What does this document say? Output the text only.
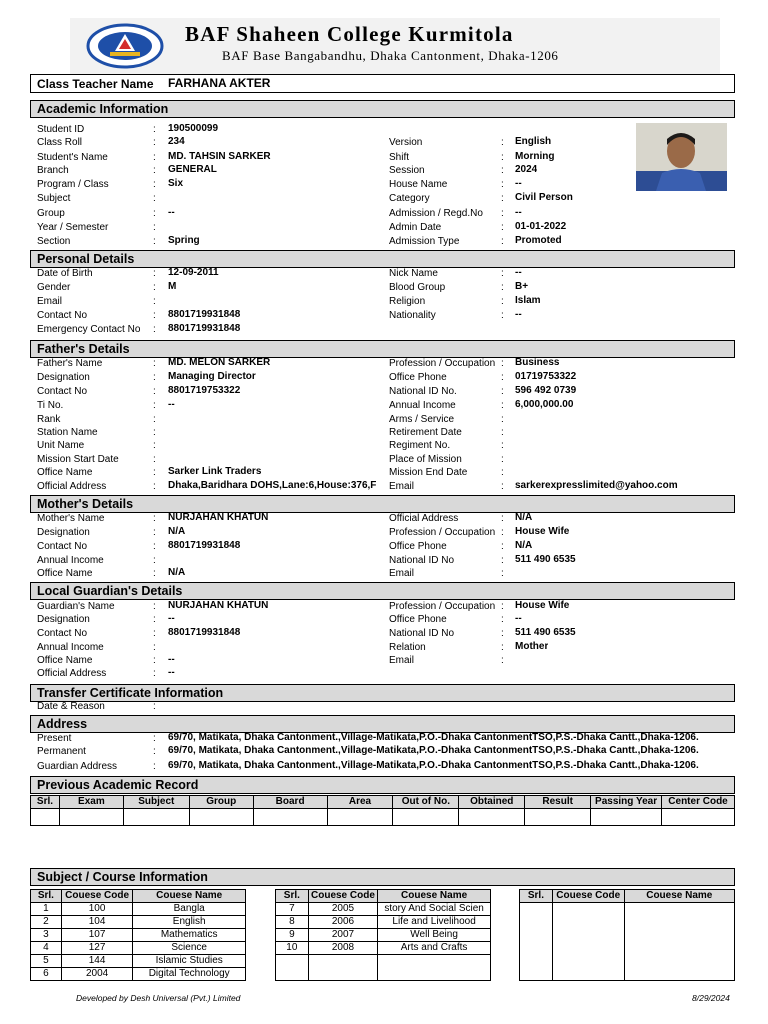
BAF Shaheen College Kurmitola
BAF Base Bangabandhu, Dhaka Cantonment, Dhaka-1206
Class Teacher Name FARHANA AKTER
Academic Information
Personal Details
Father's Details
Mother's Details
Local Guardian's Details
Transfer Certificate Information
Address
Previous Academic Record
Subject / Course Information
Student ID	: 190500099
Class Roll	: 234
Student's Name	: MD. TAHSIN SARKER
Branch	: GENERAL
Program / Class	: Six
Subject	:
Group	: --
Year / Semester	:
Section	: Spring
Version	: English
Shift	: Morning
Session	: 2024
House Name	: --
Category	: Civil Person
Admission / Regd.No : --
Admin Date	: 01-01-2022
Admission Type	: Promoted
Date of Birth	: 12-09-2011
Gender	: M
Email	:
Contact No	: 8801719931848
Emergency Contact No : 8801719931848
Nick Name	: --
Blood Group	: B+
Religion	: Islam
Nationality	: --
Father's Name	: MD. MELON SARKER
Designation	: Managing Director
Contact No	: 8801719753322
Ti No.	: --
Rank	:
Station Name	:
Unit Name	:
Mission Start Date	:
Office Name	: Sarker Link Traders
Official Address	: Dhaka,Baridhara DOHS,Lane:6,House:376,F
Profession / Occupation : Business
Office Phone	: 01719753322
National ID No.	: 596 492 0739
Annual Income	: 6,000,000.00
Arms / Service	:
Retirement Date	:
Regiment No.	:
Place of Mission	:
Mission End Date	:
Email	: sarkerexpresslimited@yahoo.com
Mother's Name	: NURJAHAN KHATUN
Designation	: N/A
Contact No	: 8801719931848
Annual Income	:
Office Name	: N/A
Official Address	: N/A
Profession / Occupation : House Wife
Office Phone	: N/A
National ID No	: 511 490 6535
Email	:
Guardian's Name	: NURJAHAN KHATUN
Designation	: --
Contact No	: 8801719931848
Annual Income	:
Office Name	: --
Official Address	: --
Profession / Occupation : House Wife
Office Phone	: --
National ID No	: 511 490 6535
Relation	: Mother
Email	:
Date & Reason	:
Present	: 69/70, Matikata, Dhaka Cantonment.,Village-Matikata,P.O.-Dhaka CantonmentTSO,P.S.-Dhaka Cantt.,Dhaka-1206.
Permanent	: 69/70, Matikata, Dhaka Cantonment.,Village-Matikata,P.O.-Dhaka CantonmentTSO,P.S.-Dhaka Cantt.,Dhaka-1206.
Guardian Address	: 69/70, Matikata, Dhaka Cantonment.,Village-Matikata,P.O.-Dhaka CantonmentTSO,P.S.-Dhaka Cantt.,Dhaka-1206.
Srl.	Exam	Subject	Group	Board	Area	Out of No.	Obtained	Result	Passing Year	Center Code

Srl.	Couese Code	Couese Name
1	100	Bangla
2	104	English
3	107	Mathematics
4	127	Science
5	144	Islamic Studies
6	2004	Digital Technology
Srl.	Couese Code	Couese Name
7	2005	story And Social Scien
8	2006	Life and Livelihood
9	2007	Well Being
10	2008	Arts and Crafts

Srl.	Couese Code	Couese Name

Developed by Desh Universal (Pvt.) Limited	8/29/2024
